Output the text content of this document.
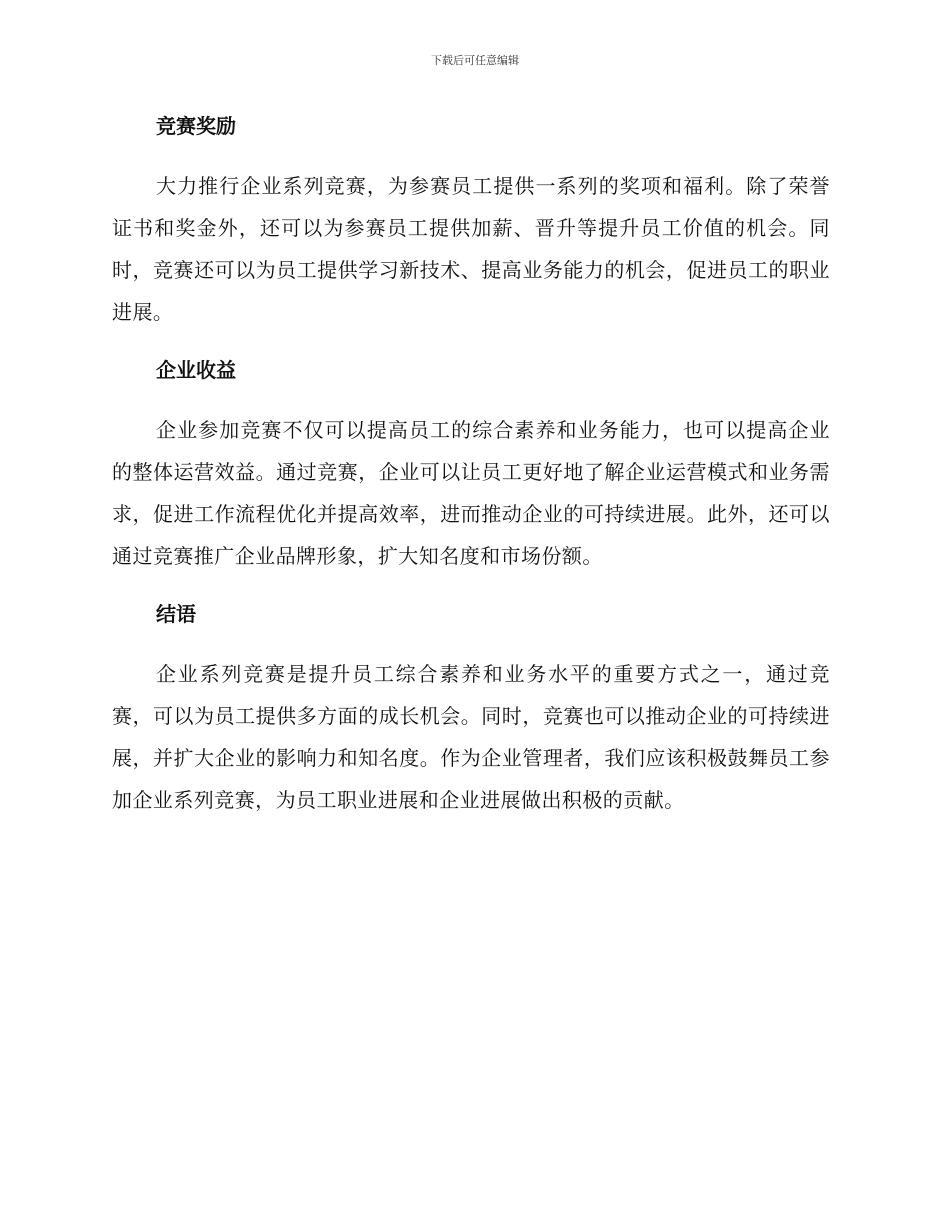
下载后可任意编辑
竞赛奖励

大力推行企业系列竞赛，为参赛员工提供一系列的奖项和福利。除了荣誉证书和奖金外，还可以为参赛员工提供加薪、晋升等提升员工价值的机会。同时，竞赛还可以为员工提供学习新技术、提高业务能力的机会，促进员工的职业进展。

企业收益

企业参加竞赛不仅可以提高员工的综合素养和业务能力，也可以提高企业的整体运营效益。通过竞赛，企业可以让员工更好地了解企业运营模式和业务需求，促进工作流程优化并提高效率，进而推动企业的可持续进展。此外，还可以通过竞赛推广企业品牌形象，扩大知名度和市场份额。

结语

企业系列竞赛是提升员工综合素养和业务水平的重要方式之一，通过竞赛，可以为员工提供多方面的成长机会。同时，竞赛也可以推动企业的可持续进展，并扩大企业的影响力和知名度。作为企业管理者，我们应该积极鼓舞员工参加企业系列竞赛，为员工职业进展和企业进展做出积极的贡献。
